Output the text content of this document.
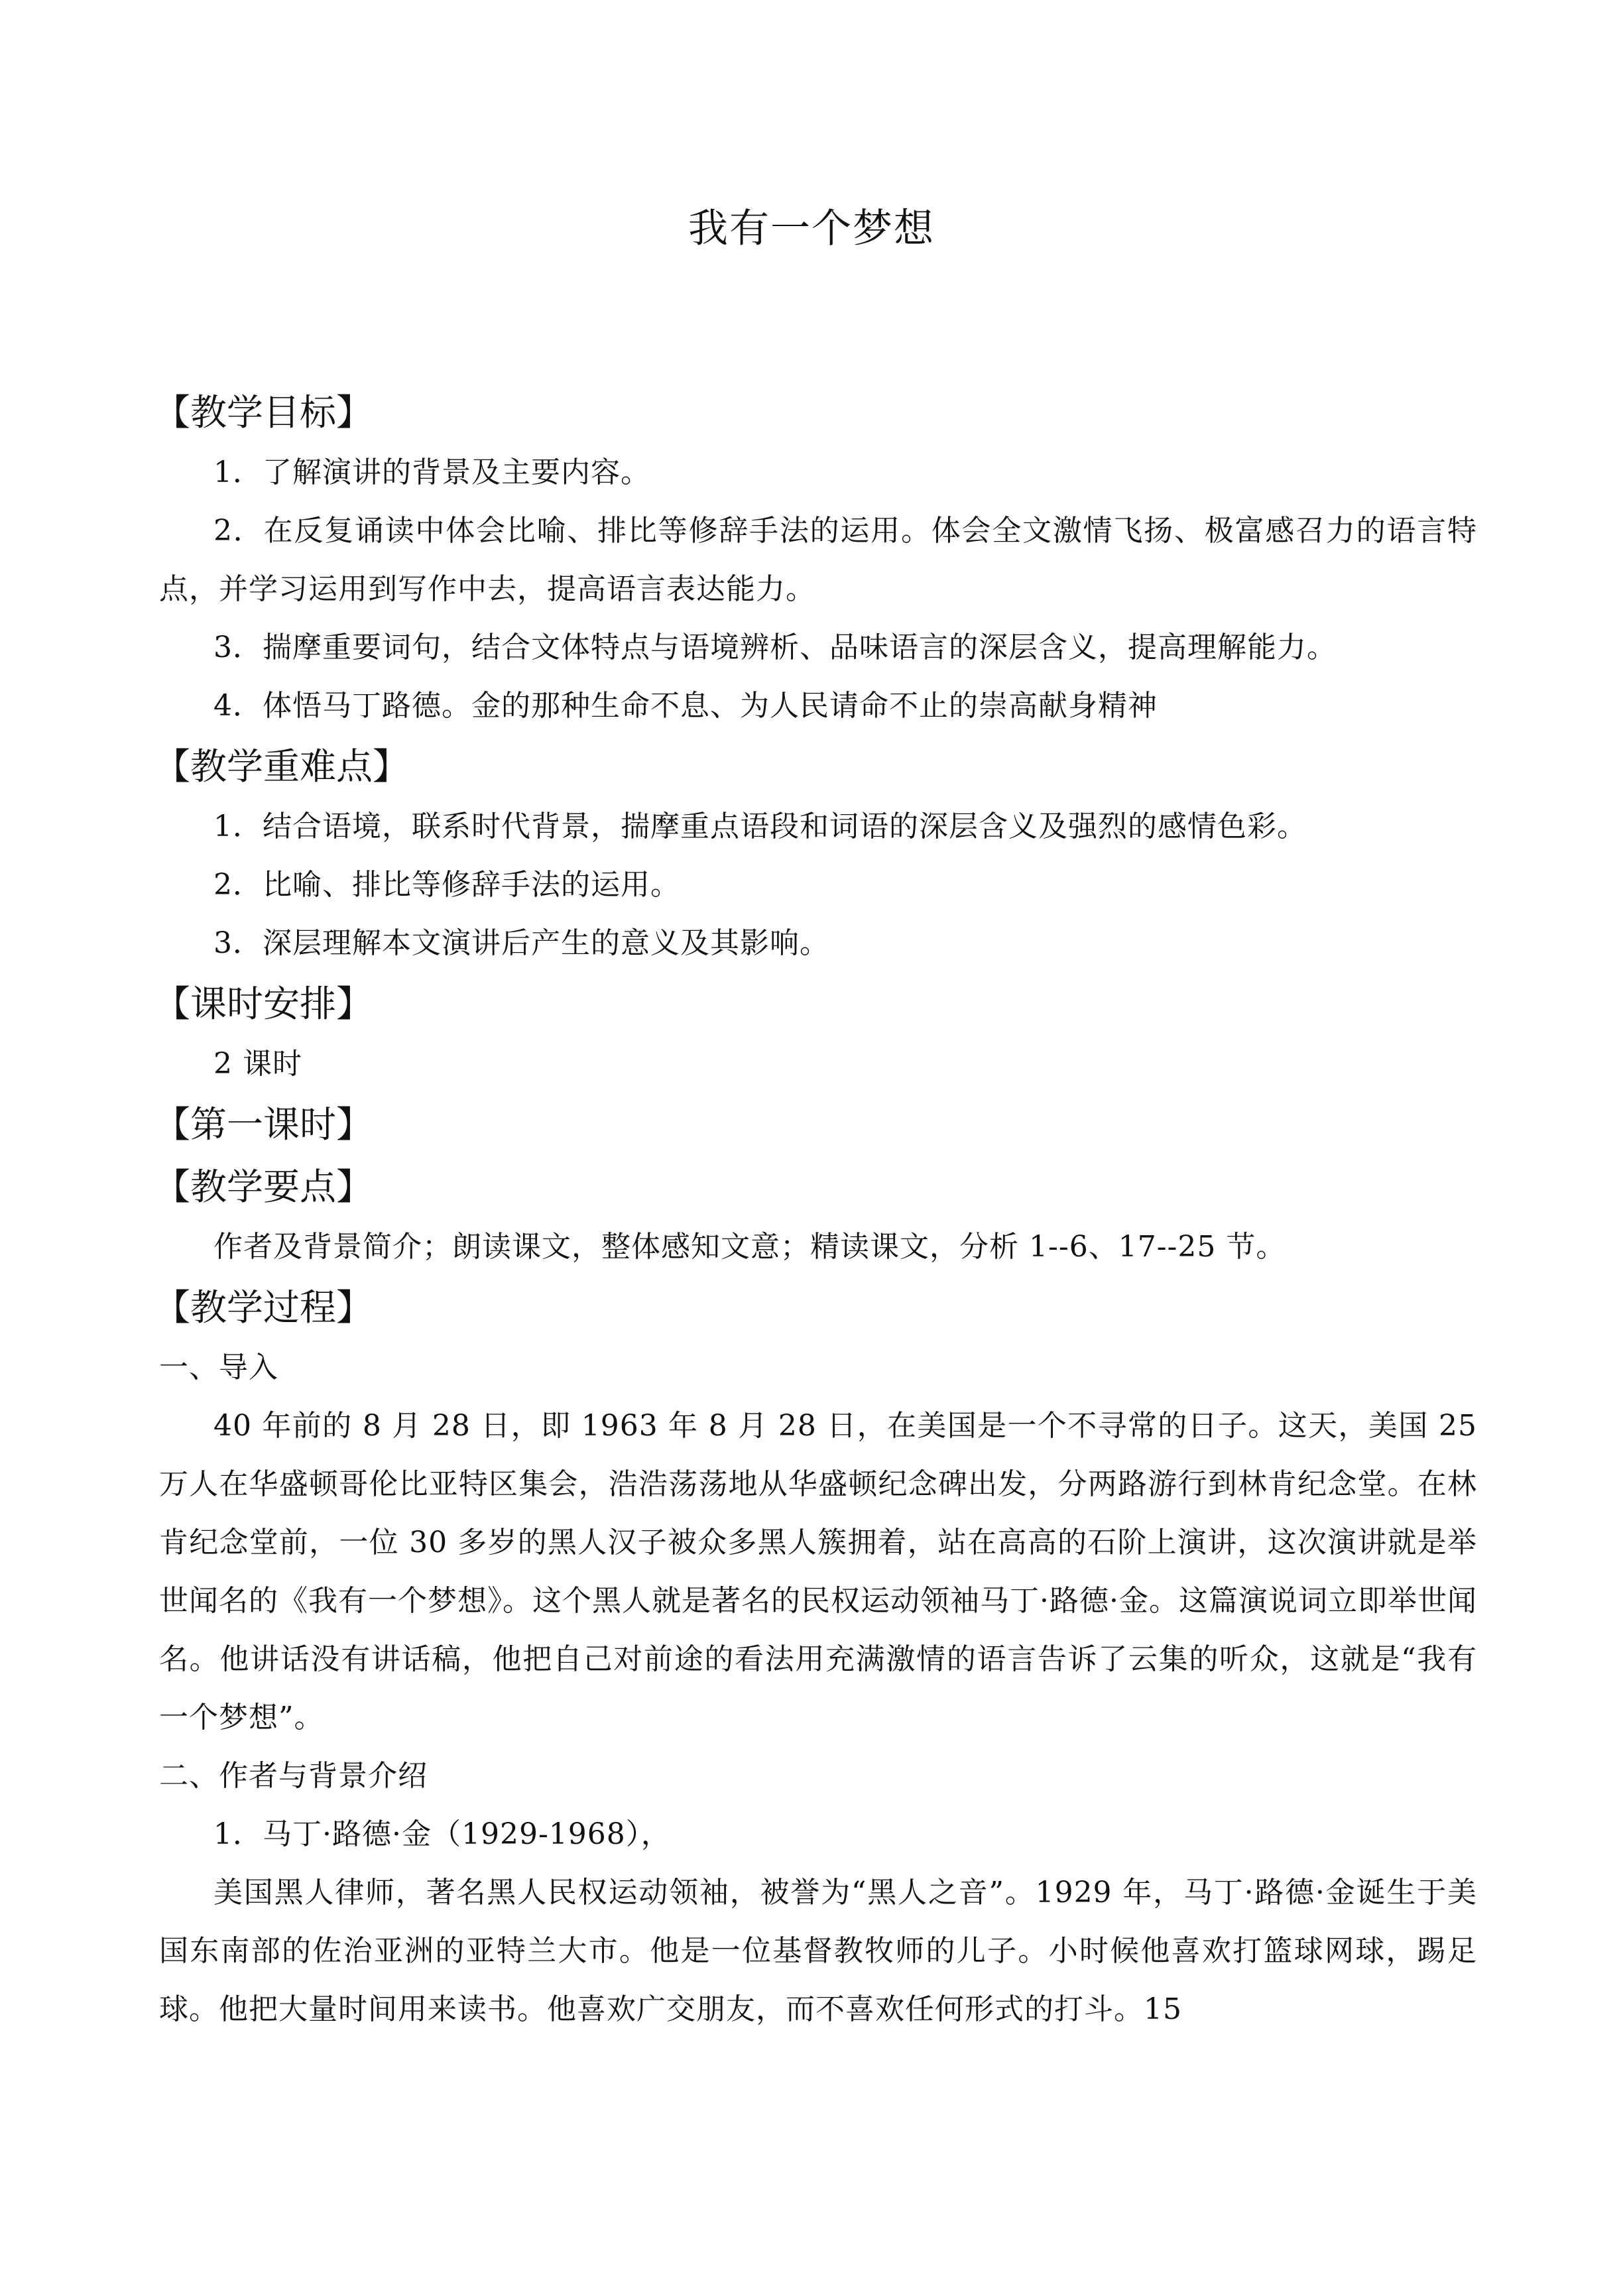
我有一个梦想
【教学目标】

1．了解演讲的背景及主要内容。

2．在反复诵读中体会比喻、排比等修辞手法的运用。体会全文激情飞扬、极富感召力的语言特点，并学习运用到写作中去，提高语言表达能力。

3．揣摩重要词句，结合文体特点与语境辨析、品味语言的深层含义，提高理解能力。

4．体悟马丁路德。金的那种生命不息、为人民请命不止的崇高献身精神

【教学重难点】

1．结合语境，联系时代背景，揣摩重点语段和词语的深层含义及强烈的感情色彩。

2．比喻、排比等修辞手法的运用。

3．深层理解本文演讲后产生的意义及其影响。

【课时安排】

2 课时

【第一课时】
【教学要点】

作者及背景简介；朗读课文，整体感知文意；精读课文，分析 1--6、17--25 节。

【教学过程】

一、导入

40 年前的 8 月 28 日，即 1963 年 8 月 28 日，在美国是一个不寻常的日子。这天，美国 25 万人在华盛顿哥伦比亚特区集会，浩浩荡荡地从华盛顿纪念碑出发，分两路游行到林肯纪念堂。在林肯纪念堂前，一位 30 多岁的黑人汉子被众多黑人簇拥着，站在高高的石阶上演讲，这次演讲就是举世闻名的《我有一个梦想》。这个黑人就是著名的民权运动领袖马丁·路德·金。这篇演说词立即举世闻名。他讲话没有讲话稿，他把自己对前途的看法用充满激情的语言告诉了云集的听众，这就是“我有一个梦想”。

二、作者与背景介绍

1．马丁·路德·金（1929-1968），

美国黑人律师，著名黑人民权运动领袖，被誉为“黑人之音”。1929 年，马丁·路德·金诞生于美国东南部的佐治亚洲的亚特兰大市。他是一位基督教牧师的儿子。小时候他喜欢打篮球网球，踢足球。他把大量时间用来读书。他喜欢广交朋友，而不喜欢任何形式的打斗。15
